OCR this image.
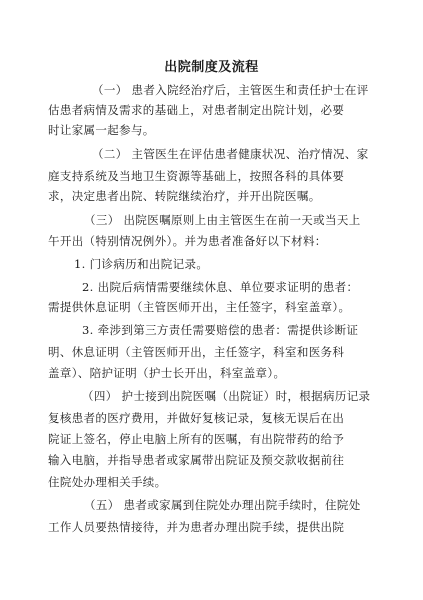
出院制度及流程
（一） 患者入院经治疗后，主管医生和责任护士在评
估患者病情及需求的基础上，对患者制定出院计划，必要
时让家属一起参与。
（二） 主管医生在评估患者健康状况、治疗情况、家
庭支持系统及当地卫生资源等基础上，按照各科的具体要
求，决定患者出院、转院继续治疗，并开出院医嘱。
（三） 出院医嘱原则上由主管医生在前一天或当天上
午开出（特别情况例外）。并为患者准备好以下材料：
1. 门诊病历和出院记录。
2. 出院后病情需要继续休息、单位要求证明的患者：
需提供休息证明（主管医师开出，主任签字，科室盖章）。
3. 牵涉到第三方责任需要赔偿的患者：需提供诊断证
明、休息证明（主管医师开出，主任签字，科室和医务科
盖章）、陪护证明（护士长开出，科室盖章）。
（四） 护士接到出院医嘱（出院证）时，根据病历记录
复核患者的医疗费用，并做好复核记录，复核无误后在出
院证上签名，停止电脑上所有的医嘱，有出院带药的给予
输入电脑，并指导患者或家属带出院证及预交款收据前往
住院处办理相关手续。
（五） 患者或家属到住院处办理出院手续时，住院处
工作人员要热情接待，并为患者办理出院手续，提供出院
